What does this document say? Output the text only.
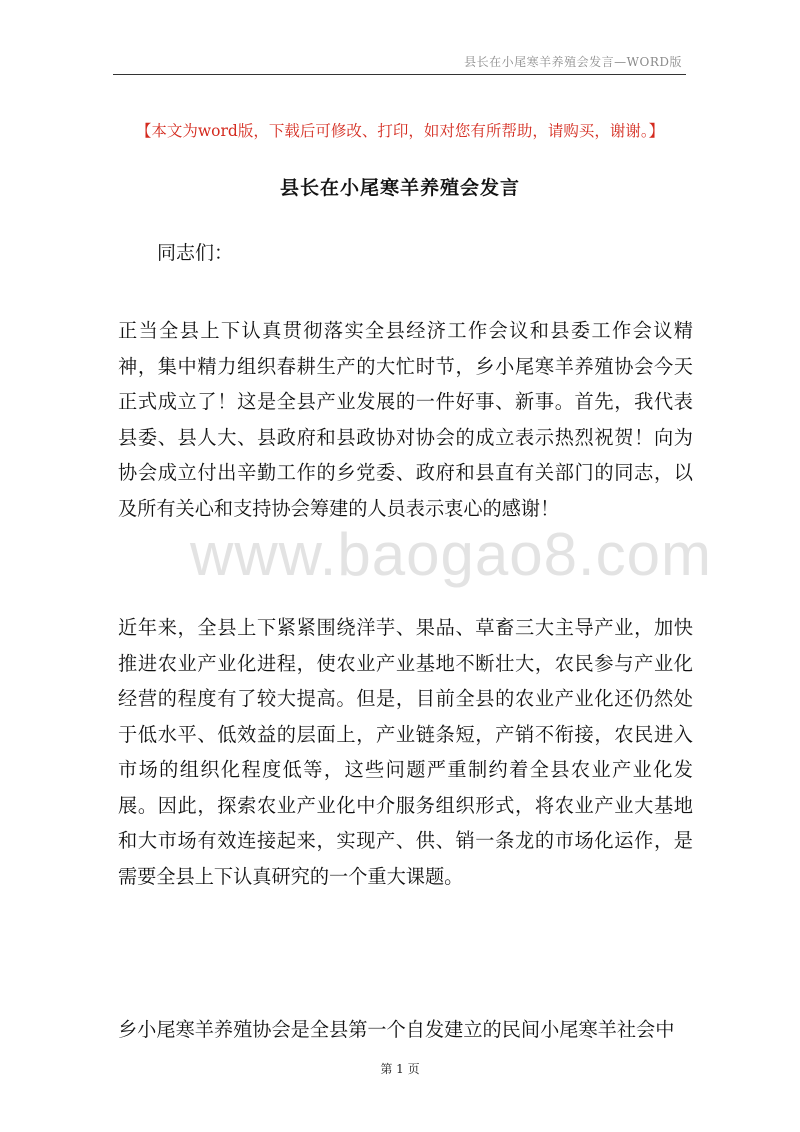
县长在小尾寒羊养殖会发言—WORD版
【本文为word版，下载后可修改、打印，如对您有所帮助，请购买，谢谢。】
县长在小尾寒羊养殖会发言
同志们：
www.baogao8.com
正当全县上下认真贯彻落实全县经济工作会议和县委工作会议精神，集中精力组织春耕生产的大忙时节，乡小尾寒羊养殖协会今天正式成立了！这是全县产业发展的一件好事、新事。首先，我代表县委、县人大、县政府和县政协对协会的成立表示热烈祝贺！向为协会成立付出辛勤工作的乡党委、政府和县直有关部门的同志，以及所有关心和支持协会筹建的人员表示衷心的感谢！
近年来，全县上下紧紧围绕洋芋、果品、草畜三大主导产业，加快推进农业产业化进程，使农业产业基地不断壮大，农民参与产业化经营的程度有了较大提高。但是，目前全县的农业产业化还仍然处于低水平、低效益的层面上，产业链条短，产销不衔接，农民进入市场的组织化程度低等，这些问题严重制约着全县农业产业化发展。因此，探索农业产业化中介服务组织形式，将农业产业大基地和大市场有效连接起来，实现产、供、销一条龙的市场化运作，是需要全县上下认真研究的一个重大课题。
乡小尾寒羊养殖协会是全县第一个自发建立的民间小尾寒羊社会中
第 1 页
